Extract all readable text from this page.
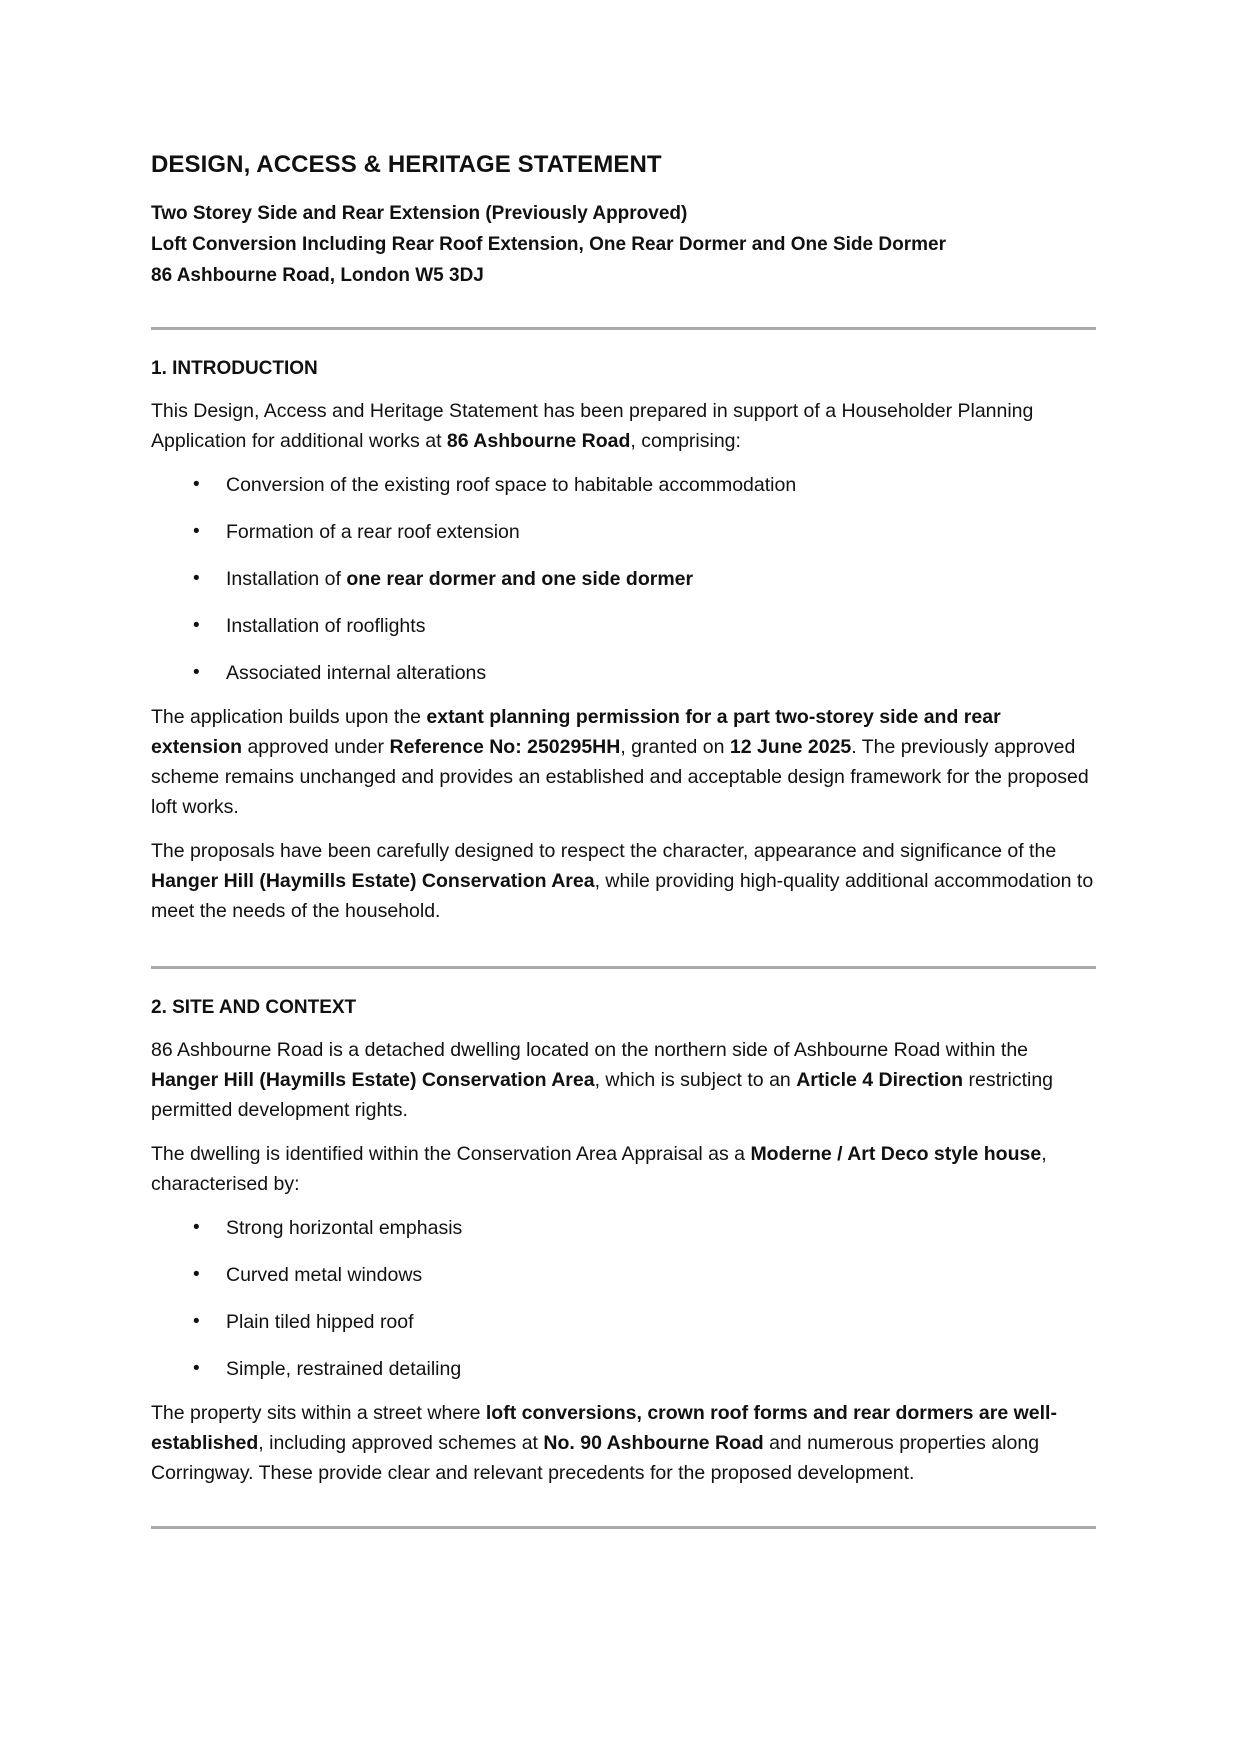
DESIGN, ACCESS & HERITAGE STATEMENT

Two Storey Side and Rear Extension (Previously Approved)

Loft Conversion Including Rear Roof Extension, One Rear Dormer and One Side Dormer

86 Ashbourne Road, London W5 3DJ

1. INTRODUCTION

This Design, Access and Heritage Statement has been prepared in support of a Householder Planning Application for additional works at 86 Ashbourne Road, comprising:

• Conversion of the existing roof space to habitable accommodation
• Formation of a rear roof extension
• Installation of one rear dormer and one side dormer
• Installation of rooflights
• Associated internal alterations

The application builds upon the extant planning permission for a part two-storey side and rear extension approved under Reference No: 250295HH, granted on 12 June 2025. The previously approved scheme remains unchanged and provides an established and acceptable design framework for the proposed loft works.

The proposals have been carefully designed to respect the character, appearance and significance of the Hanger Hill (Haymills Estate) Conservation Area, while providing high-quality additional accommodation to meet the needs of the household.

2. SITE AND CONTEXT

86 Ashbourne Road is a detached dwelling located on the northern side of Ashbourne Road within the Hanger Hill (Haymills Estate) Conservation Area, which is subject to an Article 4 Direction restricting permitted development rights.

The dwelling is identified within the Conservation Area Appraisal as a Moderne / Art Deco style house, characterised by:

• Strong horizontal emphasis
• Curved metal windows
• Plain tiled hipped roof
• Simple, restrained detailing

The property sits within a street where loft conversions, crown roof forms and rear dormers are well-established, including approved schemes at No. 90 Ashbourne Road and numerous properties along Corringway. These provide clear and relevant precedents for the proposed development.
